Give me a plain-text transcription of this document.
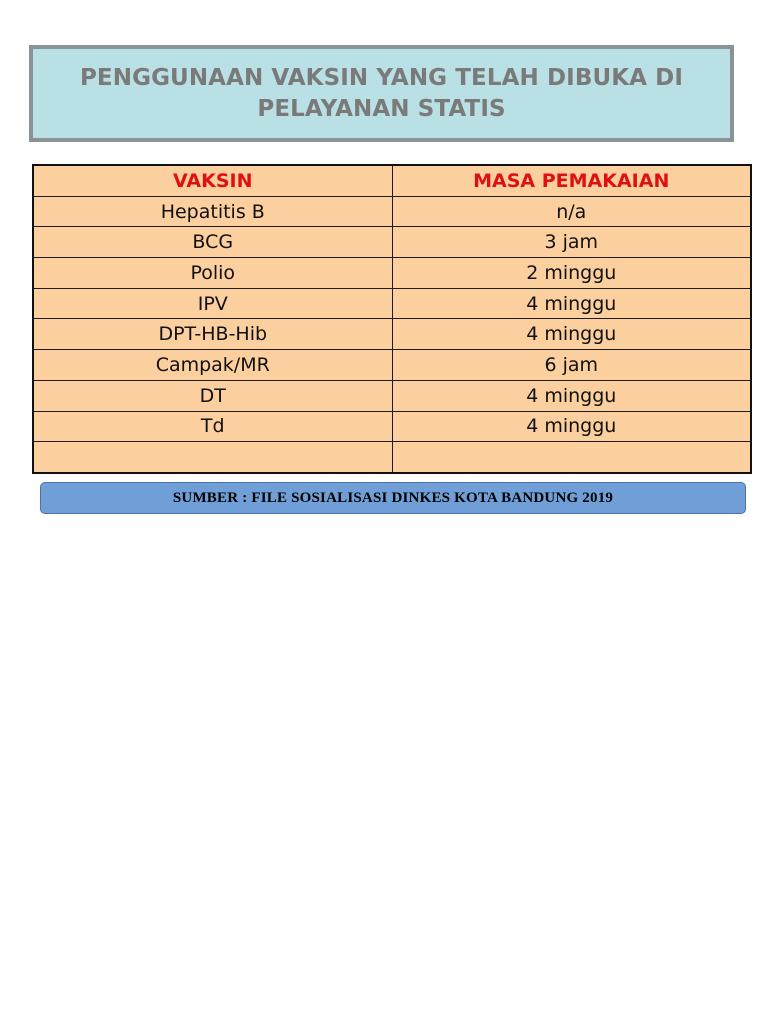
PENGGUNAAN VAKSIN YANG TELAH DIBUKA DI
PELAYANAN STATIS
VAKSIN	MASA PEMAKAIAN
Hepatitis B	n/a
BCG	3 jam
Polio	2 minggu
IPV	4 minggu
DPT-HB-Hib	4 minggu
Campak/MR	6 jam
DT	4 minggu
Td	4 minggu

SUMBER : FILE SOSIALISASI DINKES KOTA BANDUNG 2019
